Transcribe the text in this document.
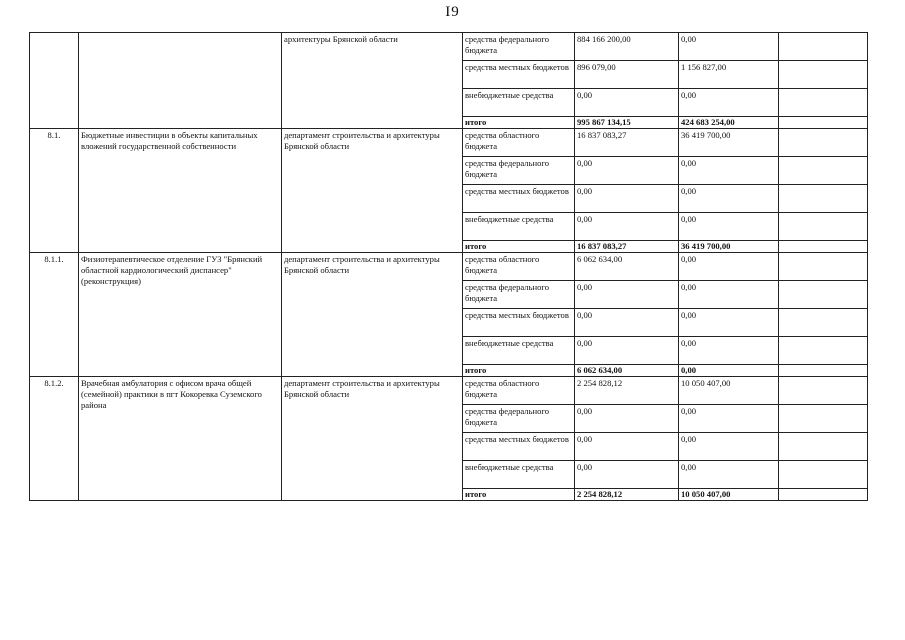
I9
		архитектуры Брянской области	средства федерального бюджета	884 166 200,00	0,00	
			средства местных бюджетов	896 079,00	1 156 827,00	
			внебюджетные средства	0,00	0,00	
			итого	995 867 134,15	424 683 254,00	
8.1.	Бюджетные инвестиции в объекты капитальных вложений государственной собственности	департамент строительства и архитектуры Брянской области	средства областного бюджета	16 837 083,27	36 419 700,00	
			средства федерального бюджета	0,00	0,00	
			средства местных бюджетов	0,00	0,00	
			внебюджетные средства	0,00	0,00	
			итого	16 837 083,27	36 419 700,00	
8.1.1.	Физиотерапевтическое отделение ГУЗ "Брянский областной кардиологический диспансер" (реконструкция)	департамент строительства и архитектуры Брянской области	средства областного бюджета	6 062 634,00	0,00	
			средства федерального бюджета	0,00	0,00	
			средства местных бюджетов	0,00	0,00	
			внебюджетные средства	0,00	0,00	
			итого	6 062 634,00	0,00	
8.1.2.	Врачебная амбулатория с офисом врача общей (семейной) практики в пгт Кокоревка Суземского района	департамент строительства и архитектуры Брянской области	средства областного бюджета	2 254 828,12	10 050 407,00	
			средства федерального бюджета	0,00	0,00	
			средства местных бюджетов	0,00	0,00	
			внебюджетные средства	0,00	0,00	
			итого	2 254 828,12	10 050 407,00	
